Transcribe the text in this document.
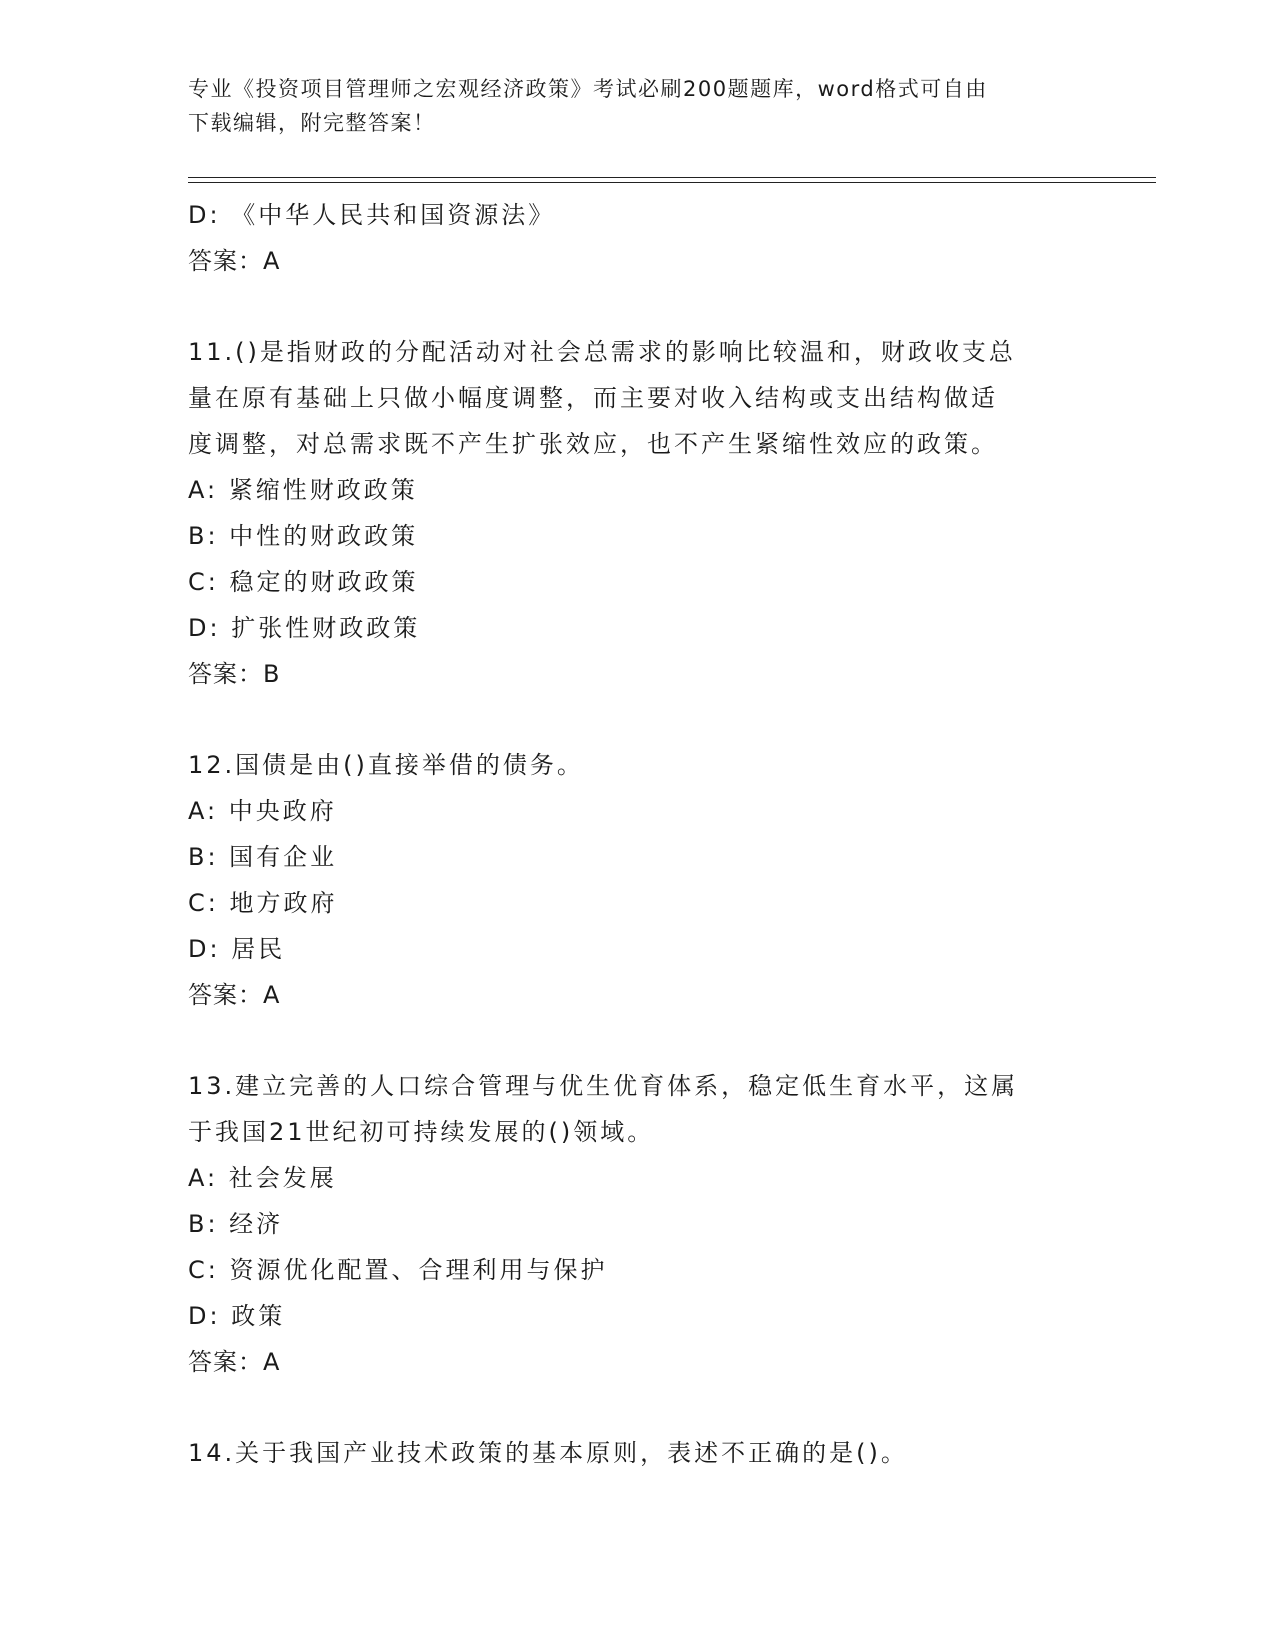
专业《投资项目管理师之宏观经济政策》考试必刷200题题库，word格式可自由
下载编辑，附完整答案！
D: 《中华人民共和国资源法》
答案：A
11.()是指财政的分配活动对社会总需求的影响比较温和，财政收支总
量在原有基础上只做小幅度调整，而主要对收入结构或支出结构做适
度调整，对总需求既不产生扩张效应，也不产生紧缩性效应的政策。
A: 紧缩性财政政策
B: 中性的财政政策
C: 稳定的财政政策
D: 扩张性财政政策
答案：B
12.国债是由()直接举借的债务。
A: 中央政府
B: 国有企业
C: 地方政府
D: 居民
答案：A
13.建立完善的人口综合管理与优生优育体系，稳定低生育水平，这属
于我国21世纪初可持续发展的()领域。
A: 社会发展
B: 经济
C: 资源优化配置、合理利用与保护
D: 政策
答案：A
14.关于我国产业技术政策的基本原则，表述不正确的是()。
